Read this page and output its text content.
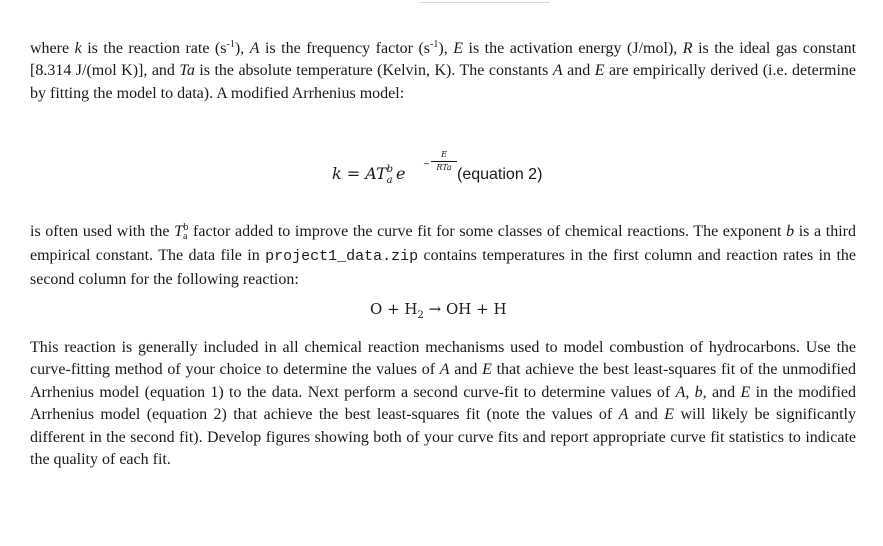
where k is the reaction rate $(s^{-1})$, A is the frequency factor $(s^{-1})$, E is the activation energy (J/mol), R is the ideal gas constant [8.314 J/(mol K)], and Ta is the absolute temperature (Kelvin, K). The constants A and E are empirically derived (i.e. determine by fitting the model to data). A modified Arrhenius model:

$k = AT_a^b$ e
−
E
RTa (equation 2)

is often used with the Ta$^b$ factor added to improve the curve fit for some classes of chemical reactions. The exponent b is a third empirical constant. The data file in project1_data.zip contains temperatures in the first column and reaction rates in the second column for the following reaction:

$O + H_2$ → OH + H

This reaction is generally included in all chemical reaction mechanisms used to model combustion of hydrocarbons. Use the curve-fitting method of your choice to determine the values of A and E that achieve the best least-squares fit of the unmodified Arrhenius model (equation 1) to the data. Next perform a second curve-fit to determine values of A, b, and E in the modified Arrhenius model (equation 2) that achieve the best least-squares fit (note the values of A and E will likely be significantly different in the second fit). Develop figures showing both of your curve fits and report appropriate curve fit statistics to indicate the quality of each fit.
